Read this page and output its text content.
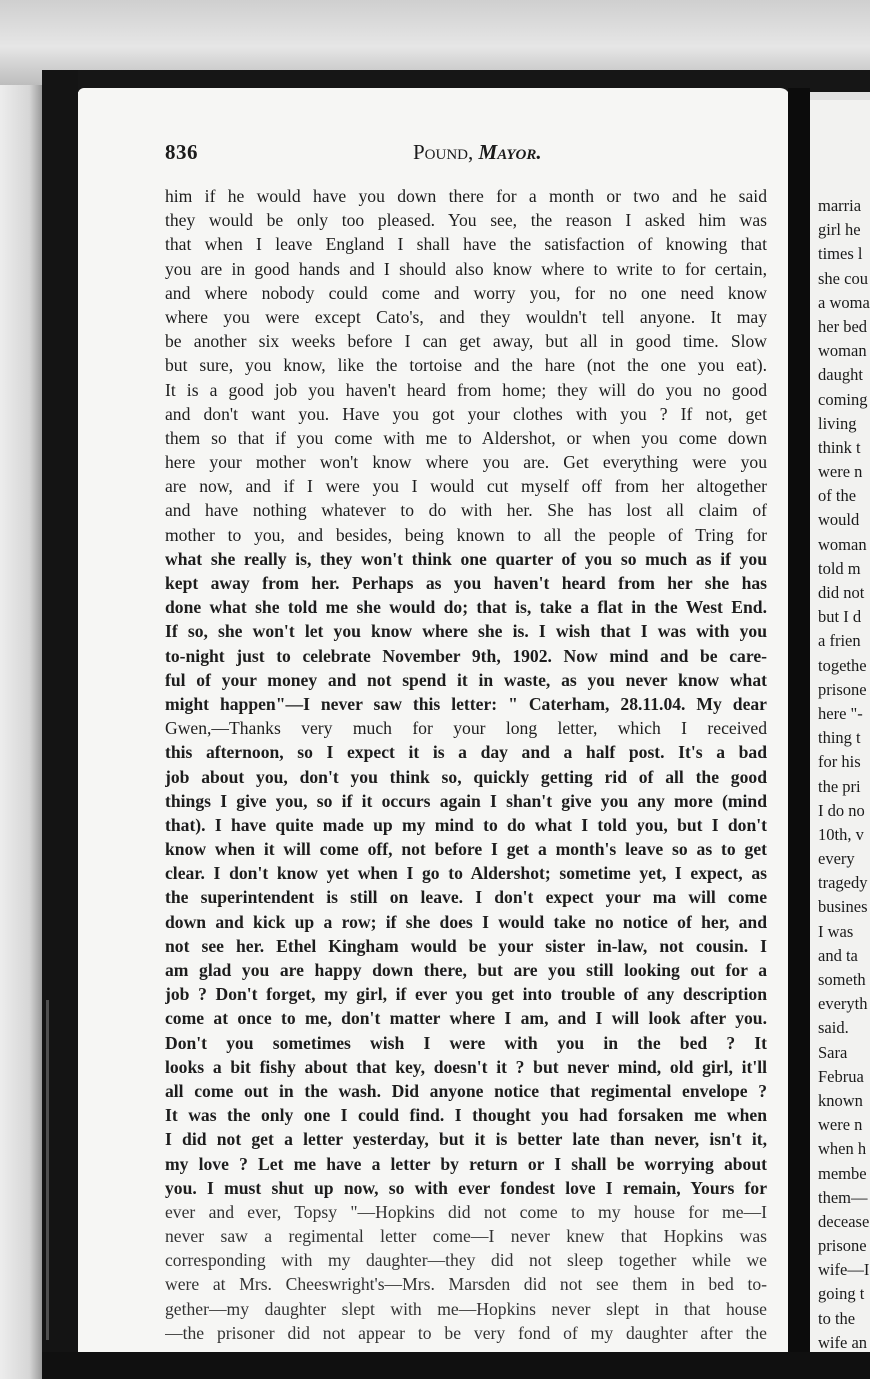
836	Pound, Mayor.
him if he would have you down there for a month or two and he said
they would be only too pleased. You see, the reason I asked him was
that when I leave England I shall have the satisfaction of knowing that
you are in good hands and I should also know where to write to for certain,
and where nobody could come and worry you, for no one need know
where you were except Cato's, and they wouldn't tell anyone. It may
be another six weeks before I can get away, but all in good time. Slow
but sure, you know, like the tortoise and the hare (not the one you eat).
It is a good job you haven't heard from home; they will do you no good
and don't want you. Have you got your clothes with you ? If not, get
them so that if you come with me to Aldershot, or when you come down
here your mother won't know where you are. Get everything were you
are now, and if I were you I would cut myself off from her altogether
and have nothing whatever to do with her. She has lost all claim of
mother to you, and besides, being known to all the people of Tring for
what she really is, they won't think one quarter of you so much as if you
kept away from her. Perhaps as you haven't heard from her she has
done what she told me she would do; that is, take a flat in the West End.
If so, she won't let you know where she is. I wish that I was with you
to-night just to celebrate November 9th, 1902. Now mind and be care-
ful of your money and not spend it in waste, as you never know what
might happen"—I never saw this letter: " Caterham, 28.11.04. My dear
Gwen,—Thanks very much for your long letter, which I received
this afternoon, so I expect it is a day and a half post. It's a bad
job about you, don't you think so, quickly getting rid of all the good
things I give you, so if it occurs again I shan't give you any more (mind
that). I have quite made up my mind to do what I told you, but I don't
know when it will come off, not before I get a month's leave so as to get
clear. I don't know yet when I go to Aldershot; sometime yet, I expect, as
the superintendent is still on leave. I don't expect your ma will come
down and kick up a row; if she does I would take no notice of her, and
not see her. Ethel Kingham would be your sister in-law, not cousin. I
am glad you are happy down there, but are you still looking out for a
job ? Don't forget, my girl, if ever you get into trouble of any description
come at once to me, don't matter where I am, and I will look after you.
Don't you sometimes wish I were with you in the bed ? It
looks a bit fishy about that key, doesn't it ? but never mind, old girl, it'll
all come out in the wash. Did anyone notice that regimental envelope ?
It was the only one I could find. I thought you had forsaken me when
I did not get a letter yesterday, but it is better late than never, isn't it,
my love ? Let me have a letter by return or I shall be worrying about
you. I must shut up now, so with ever fondest love I remain, Yours for
ever and ever, Topsy "—Hopkins did not come to my house for me—I
never saw a regimental letter come—I never knew that Hopkins was
corresponding with my daughter—they did not sleep together while we
were at Mrs. Cheeswright's—Mrs. Marsden did not see them in bed to-
gether—my daughter slept with me—Hopkins never slept in that house
—the prisoner did not appear to be very fond of my daughter after the
marria
girl he
times l
she cou
a woma
her bed
woman
daught
coming
living
think t
were n
of the
would
woman
told m
did not
but I d
a frien
togethe
prisone
here "-
thing t
for his
the pri
I do no
10th, v
every
tragedy
busines
I was
and ta
someth
everyth
said.
Sara
Februa
known
were n
when h
membe
them—
decease
prisone
wife—I
going t
to the
wife an
